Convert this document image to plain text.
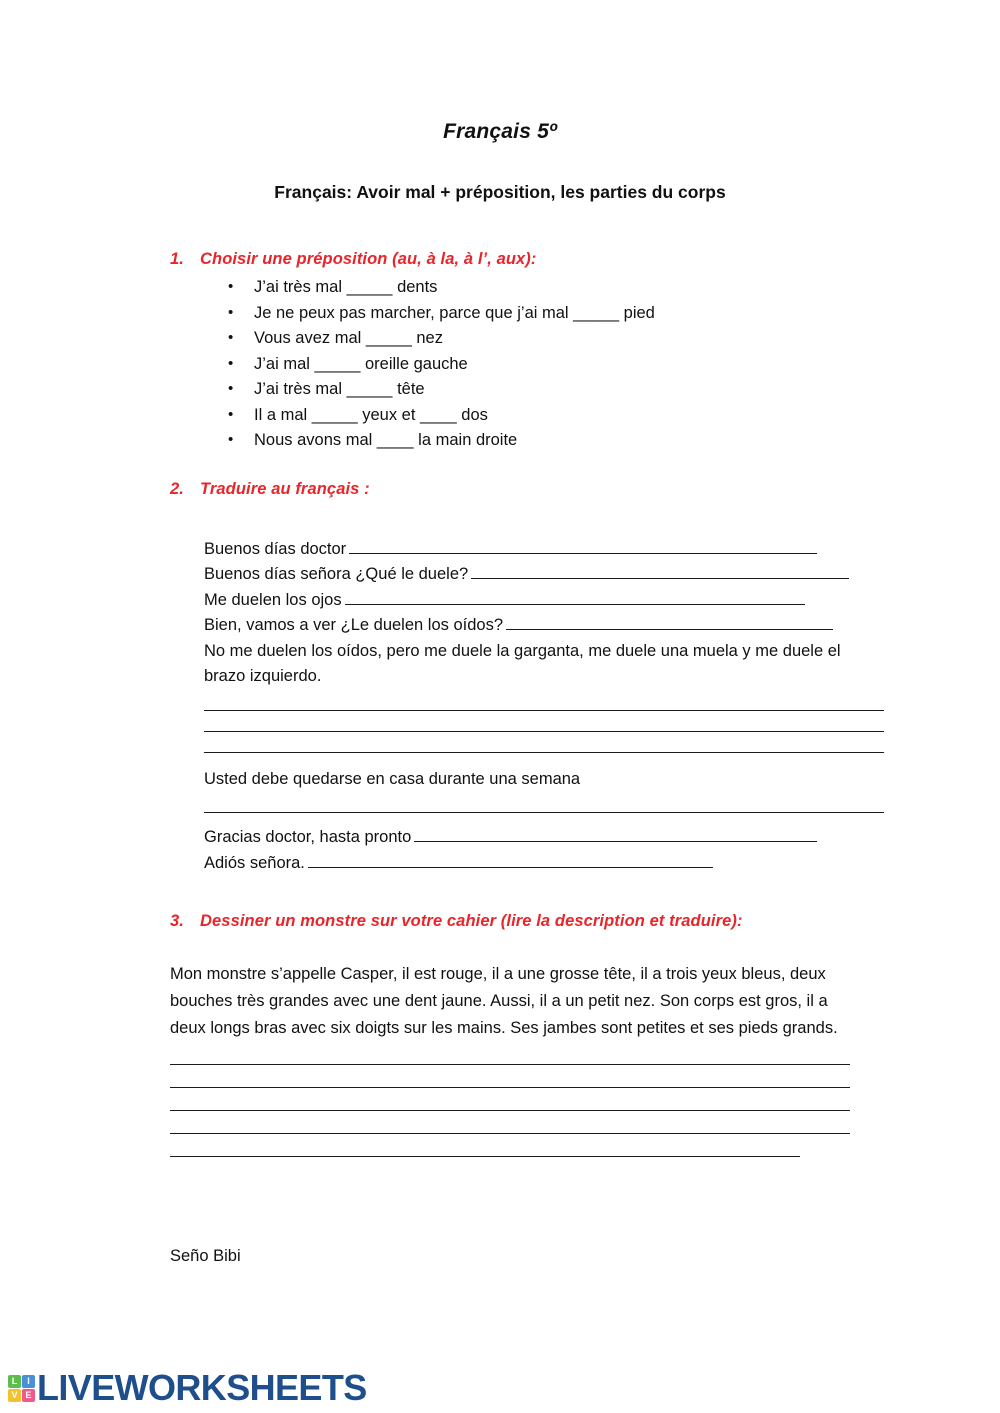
Français 5º
Français: Avoir mal + préposition, les parties du corps
1. Choisir une préposition (au, à la, à l’, aux):
• J’ai très mal _____ dents
• Je ne peux pas marcher, parce que j’ai mal _____ pied
• Vous avez mal _____ nez
• J’ai mal _____ oreille gauche
• J’ai très mal _____ tête
• Il a mal _____ yeux et ____ dos
• Nous avons mal ____ la main droite
2. Traduire au français :
Buenos días doctor
Buenos días señora ¿Qué le duele?
Me duelen los ojos
Bien, vamos a ver ¿Le duelen los oídos?
No me duelen los oídos, pero me duele la garganta, me duele una muela y me duele el brazo izquierdo.
Usted debe quedarse en casa durante una semana
Gracias doctor, hasta pronto
Adiós señora.
3. Dessiner un monstre sur votre cahier (lire la description et traduire):
Mon monstre s’appelle Casper, il est rouge, il a une grosse tête, il a trois yeux bleus, deux bouches très grandes avec une dent jaune. Aussi, il a un petit nez. Son corps est gros, il a deux longs bras avec six doigts sur les mains. Ses jambes sont petites et ses pieds grands.
Seño Bibi
L	I
V E LIVEWORKSHEETS
